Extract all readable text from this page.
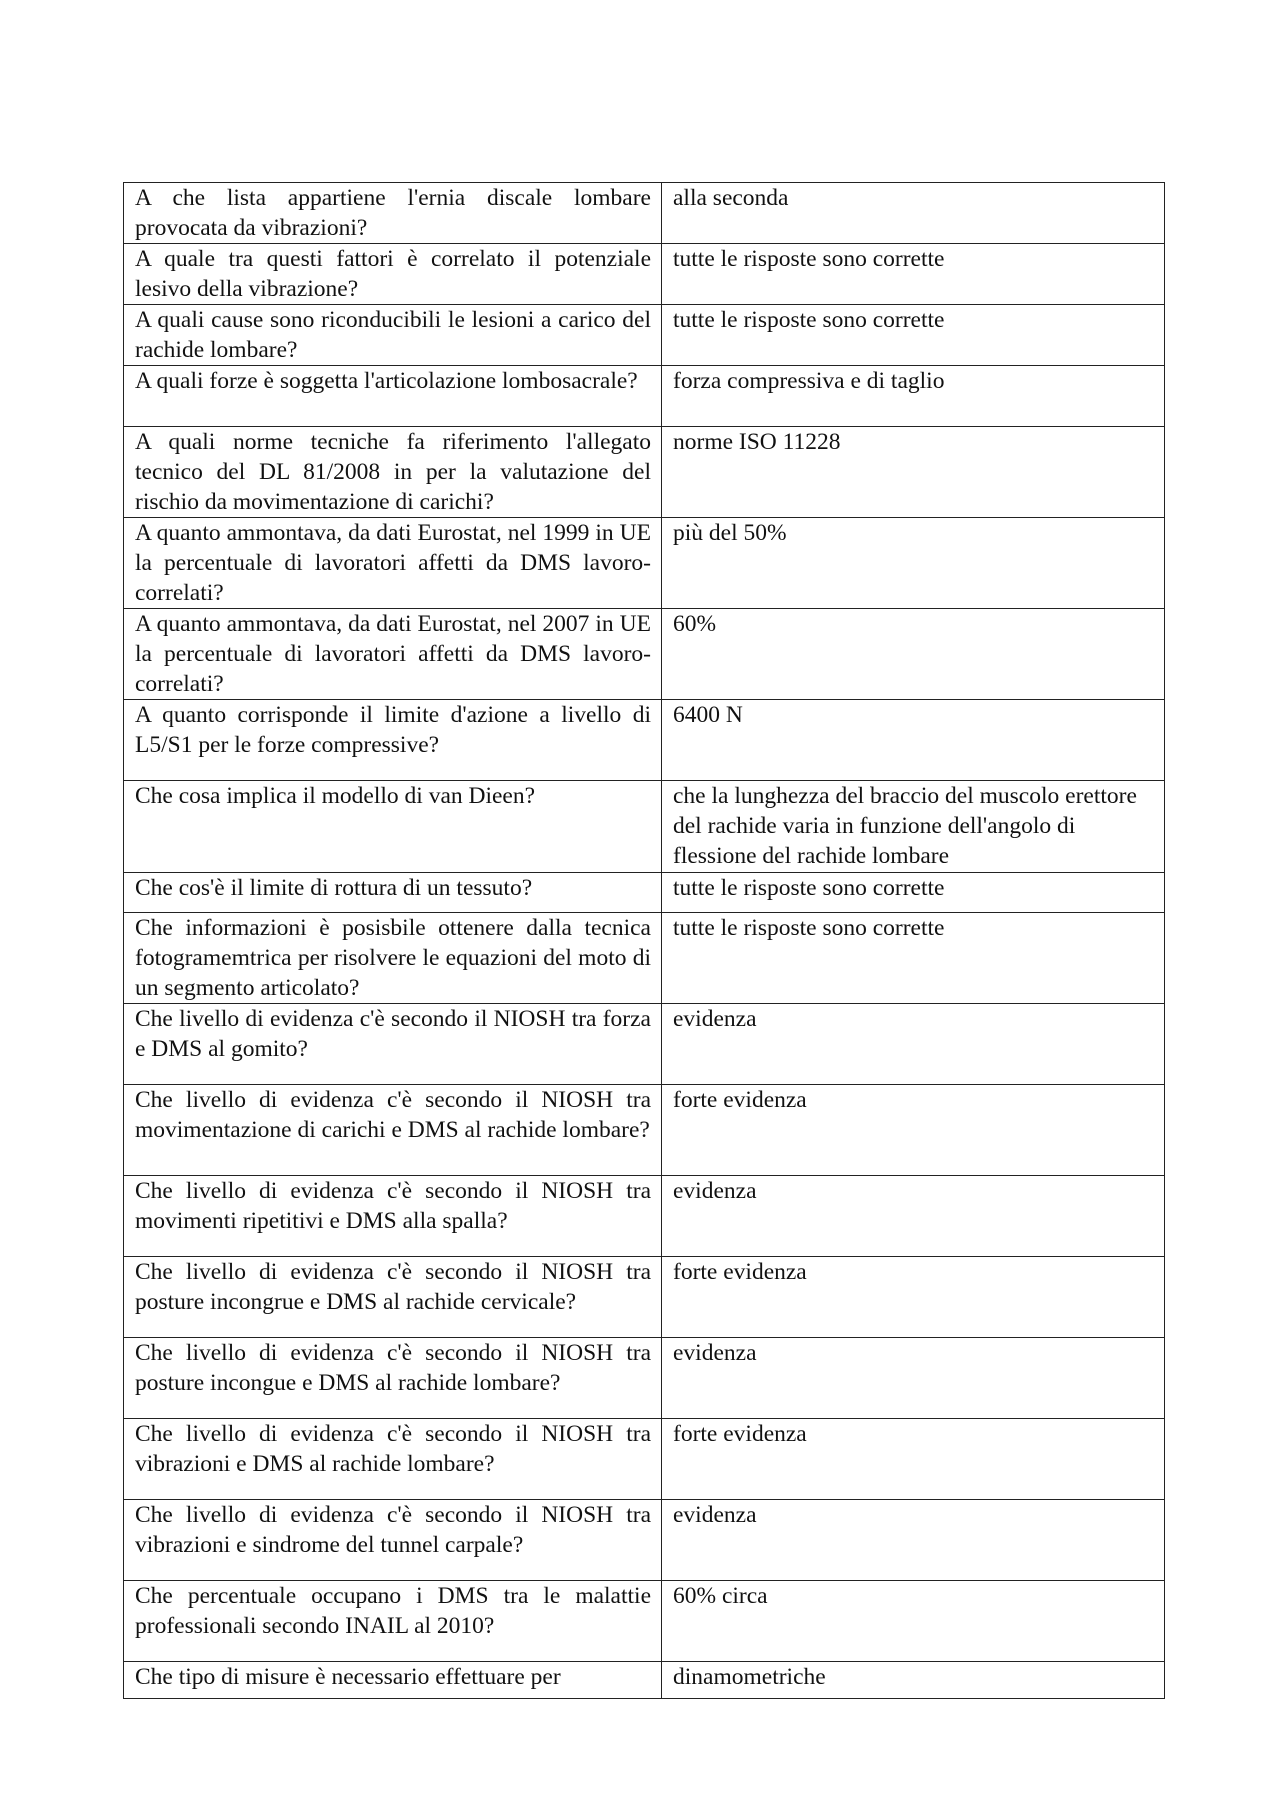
A che lista appartiene l'ernia discale lombare provocata da vibrazioni?	alla seconda
A quale tra questi fattori è correlato il potenziale lesivo della vibrazione?	tutte le risposte sono corrette
A quali cause sono riconducibili le lesioni a carico del rachide lombare?	tutte le risposte sono corrette
A quali forze è soggetta l'articolazione lombosacrale?	forza compressiva e di taglio
A quali norme tecniche fa riferimento l'allegato tecnico del DL 81/2008 in per la valutazione del rischio da movimentazione di carichi?	norme ISO 11228
A quanto ammontava, da dati Eurostat, nel 1999 in UE la percentuale di lavoratori affetti da DMS lavoro-correlati?	più del 50%
A quanto ammontava, da dati Eurostat, nel 2007 in UE la percentuale di lavoratori affetti da DMS lavoro-correlati?	60%
A quanto corrisponde il limite d'azione a livello di L5/S1 per le forze compressive?	6400 N
Che cosa implica il modello di van Dieen?	che la lunghezza del braccio del muscolo erettore del rachide varia in funzione dell'angolo di flessione del rachide lombare
Che cos'è il limite di rottura di un tessuto?	tutte le risposte sono corrette
Che informazioni è posisbile ottenere dalla tecnica fotogramemtrica per risolvere le equazioni del moto di un segmento articolato?	tutte le risposte sono corrette
Che livello di evidenza c'è secondo il NIOSH tra forza e DMS al gomito?	evidenza
Che livello di evidenza c'è secondo il NIOSH tra movimentazione di carichi e DMS al rachide lombare?	forte evidenza
Che livello di evidenza c'è secondo il NIOSH tra movimenti ripetitivi e DMS alla spalla?	evidenza
Che livello di evidenza c'è secondo il NIOSH tra posture incongrue e DMS al rachide cervicale?	forte evidenza
Che livello di evidenza c'è secondo il NIOSH tra posture incongue e DMS al rachide lombare?	evidenza
Che livello di evidenza c'è secondo il NIOSH tra vibrazioni e DMS al rachide lombare?	forte evidenza
Che livello di evidenza c'è secondo il NIOSH tra vibrazioni e sindrome del tunnel carpale?	evidenza
Che percentuale occupano i DMS tra le malattie professionali secondo INAIL al 2010?	60% circa
Che tipo di misure è necessario effettuare per	dinamometriche
